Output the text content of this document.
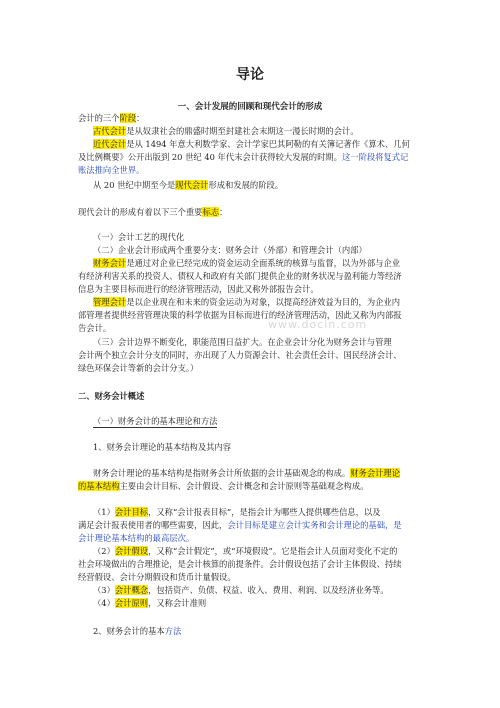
导论
一、会计发展的回顾和现代会计的形成
会计的三个阶段：
古代会计是从奴隶社会的鼎盛时期至封建社会末期这一漫长时期的会计。
近代会计是从 1494 年意大利数学家、会计学家巴其阿勒的有关簿记著作《算术、几何
及比例概要》公开出版到 20 世纪 40 年代末会计获得较大发展的时期。这一阶段将复式记
账法推向全世界。
从 20 世纪中期至今是现代会计形成和发展的阶段。
现代会计的形成有着以下三个重要标志：
（一）会计工艺的现代化
（二）企业会计形成两个重要分支：财务会计（外部）和管理会计（内部）
财务会计是通过对企业已经完成的资金运动全面系统的核算与监督，以为外部与企业
有经济利害关系的投资人、债权人和政府有关部门提供企业的财务状况与盈利能力等经济
信息为主要目标而进行的经济管理活动，因此又称外部报告会计。
管理会计是以企业现在和未来的资金运动为对象，以提高经济效益为目的，为企业内
部管理者提供经营管理决策的科学依据为目标而进行的经济管理活动，因此又称为内部报
告会计。
（三）会计边界不断变化，职能范围日益扩大。在企业会计分化为财务会计与管理
会计两个独立会计分支的同时，亦出现了人力资源会计、社会责任会计、国民经济会计、
绿色环保会计等新的会计分支。）
www.docin.com
二、财务会计概述
（一）财务会计的基本理论和方法
1、财务会计理论的基本结构及其内容
财务会计理论的基本结构是指财务会计所依据的会计基础观念的构成。财务会计理论
的基本结构主要由会计目标、会计假设、会计概念和会计原则等基础观念构成。
（1）会计目标，又称“会计报表目标”，是指会计为哪些人提供哪些信息，以及
满足会计报表使用者的哪些需要，因此，会计目标是建立会计实务和会计理论的基础，是
会计理论基本结构的最高层次。
（2）会计假设，又称“会计假定”，或“环境假设”。它是指会计人员面对变化不定的
社会环境做出的合理推论，是会计核算的前提条件。会计假设包括了会计主体假设、持续
经营假设、会计分期假设和货币计量假设。
（3）会计概念，包括资产、负债、权益、收入、费用、利润、以及经济业务等。
（4）会计原则，又称会计准则
2、财务会计的基本方法
